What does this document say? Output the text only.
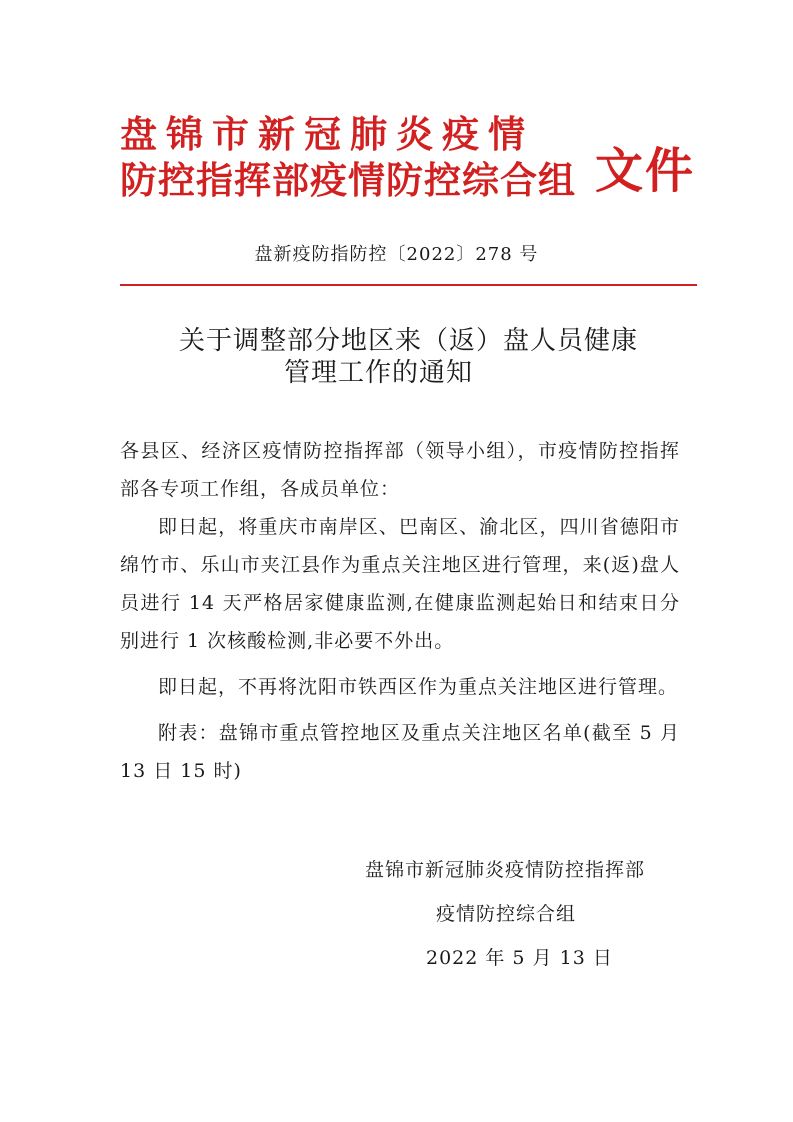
盘锦市新冠肺炎疫情
防控指挥部疫情防控综合组 文件
盘新疫防指防控〔2022〕278 号
关于调整部分地区来（返）盘人员健康
管理工作的通知

各县区、经济区疫情防控指挥部（领导小组），市疫情防控指挥部各专项工作组，各成员单位：

即日起，将重庆市南岸区、巴南区、渝北区，四川省德阳市绵竹市、乐山市夹江县作为重点关注地区进行管理，来(返)盘人员进行 14 天严格居家健康监测,在健康监测起始日和结束日分别进行 1 次核酸检测,非必要不外出。

即日起，不再将沈阳市铁西区作为重点关注地区进行管理。

附表：盘锦市重点管控地区及重点关注地区名单(截至 5 月 13 日 15 时)

盘锦市新冠肺炎疫情防控指挥部
疫情防控综合组
2022 年 5 月 13 日
